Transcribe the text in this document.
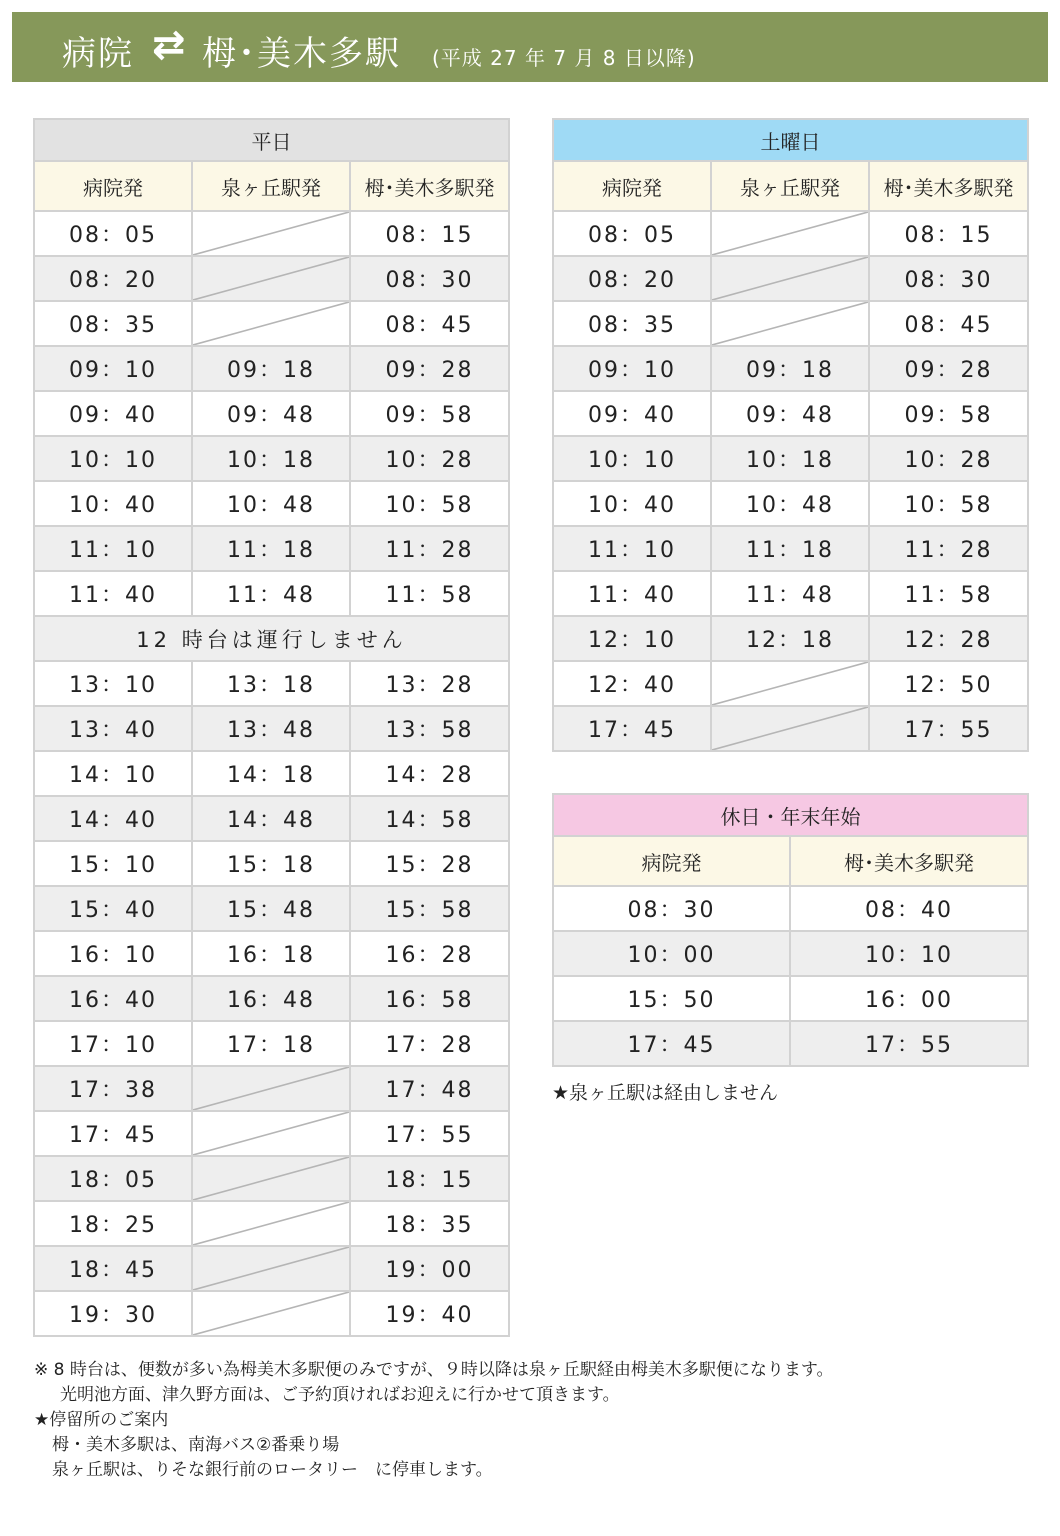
病院 ⇄ 栂･美木多駅 (平成 27 年 7 月 8 日以降)
平日		
病院発	泉ヶ丘駅発	栂･美木多駅発
08：05		08：15
08：20		08：30
08：35		08：45
09：10	09：18	09：28
09：40	09：48	09：58
10：10	10：18	10：28
10：40	10：48	10：58
11：10	11：18	11：28
11：40	11：48	11：58
12 時台は運行しません		
13：10	13：18	13：28
13：40	13：48	13：58
14：10	14：18	14：28
14：40	14：48	14：58
15：10	15：18	15：28
15：40	15：48	15：58
16：10	16：18	16：28
16：40	16：48	16：58
17：10	17：18	17：28
17：38		17：48
17：45		17：55
18：05		18：15
18：25		18：35
18：45		19：00
19：30		19：40
土曜日		
病院発	泉ヶ丘駅発	栂･美木多駅発
08：05		08：15
08：20		08：30
08：35		08：45
09：10	09：18	09：28
09：40	09：48	09：58
10：10	10：18	10：28
10：40	10：48	10：58
11：10	11：18	11：28
11：40	11：48	11：58
12：10	12：18	12：28
12：40		12：50
17：45		17：55
休日・年末年始	
病院発	栂･美木多駅発
08：30	08：40
10：00	10：10
15：50	16：00
17：45	17：55
★泉ヶ丘駅は経由しません
※ 8 時台は、便数が多い為栂美木多駅便のみですが、９時以降は泉ヶ丘駅経由栂美木多駅便になります。
光明池方面、津久野方面は、ご予約頂ければお迎えに行かせて頂きます。
★停留所のご案内
栂・美木多駅は、南海バス②番乗り場
泉ヶ丘駅は、りそな銀行前のロータリー　に停車します。
